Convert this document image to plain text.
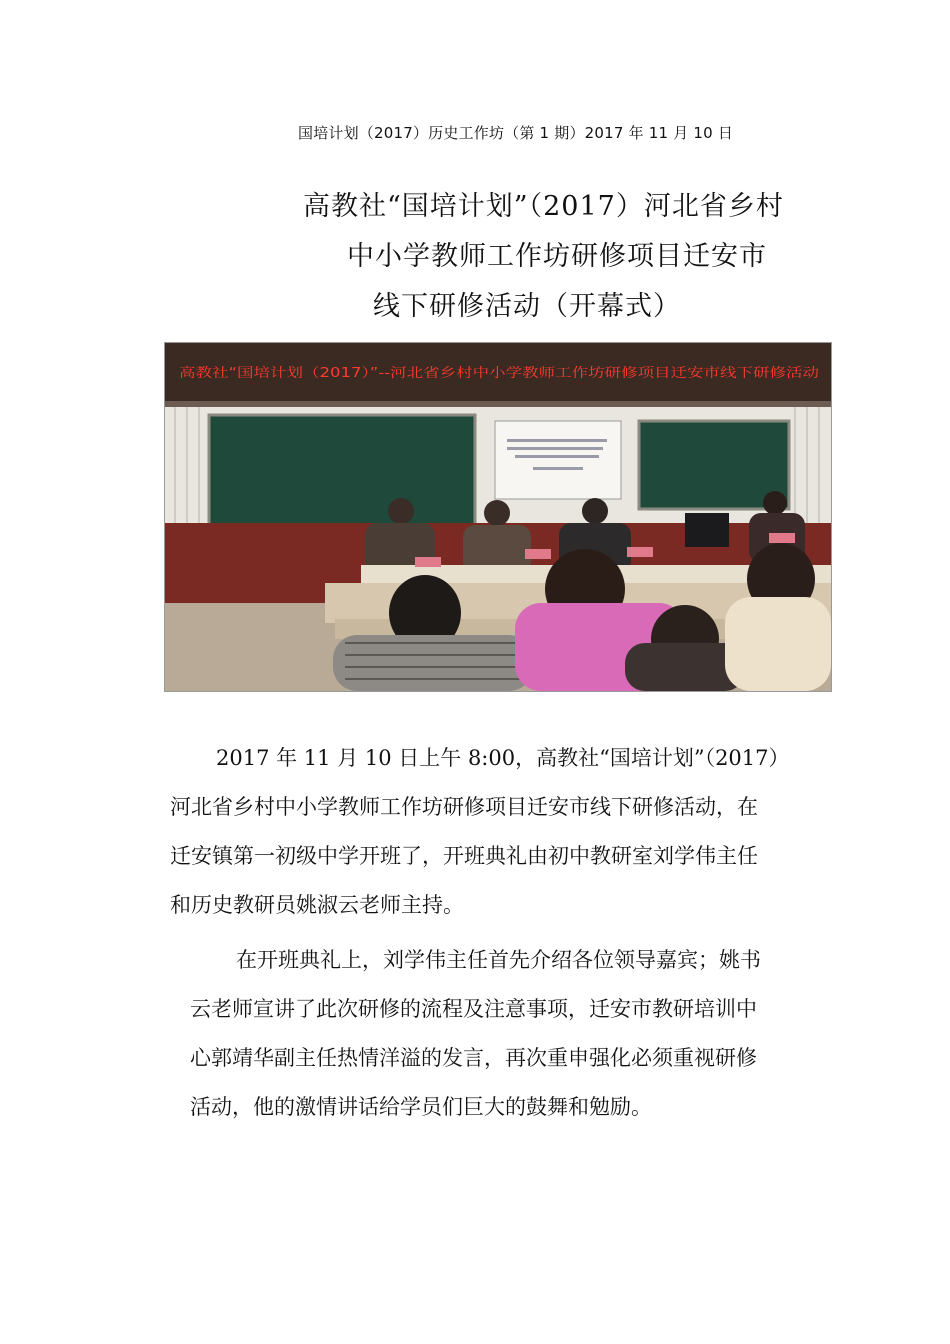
国培计划（2017）历史工作坊（第 1 期）2017 年 11 月 10 日
高教社“国培计划”（2017）河北省乡村
中小学教师工作坊研修项目迁安市
线下研修活动（开幕式）
高教社“国培计划（2017）”--河北省乡村中小学教师工作坊研修项目迁安市线下研修活动
2017 年 11 月 10 日上午 8:00，高教社“国培计划”（2017）
河北省乡村中小学教师工作坊研修项目迁安市线下研修活动，在
迁安镇第一初级中学开班了，开班典礼由初中教研室刘学伟主任
和历史教研员姚淑云老师主持。
在开班典礼上，刘学伟主任首先介绍各位领导嘉宾；姚书
云老师宣讲了此次研修的流程及注意事项，迁安市教研培训中
心郭靖华副主任热情洋溢的发言，再次重申强化必须重视研修
活动，他的激情讲话给学员们巨大的鼓舞和勉励。
